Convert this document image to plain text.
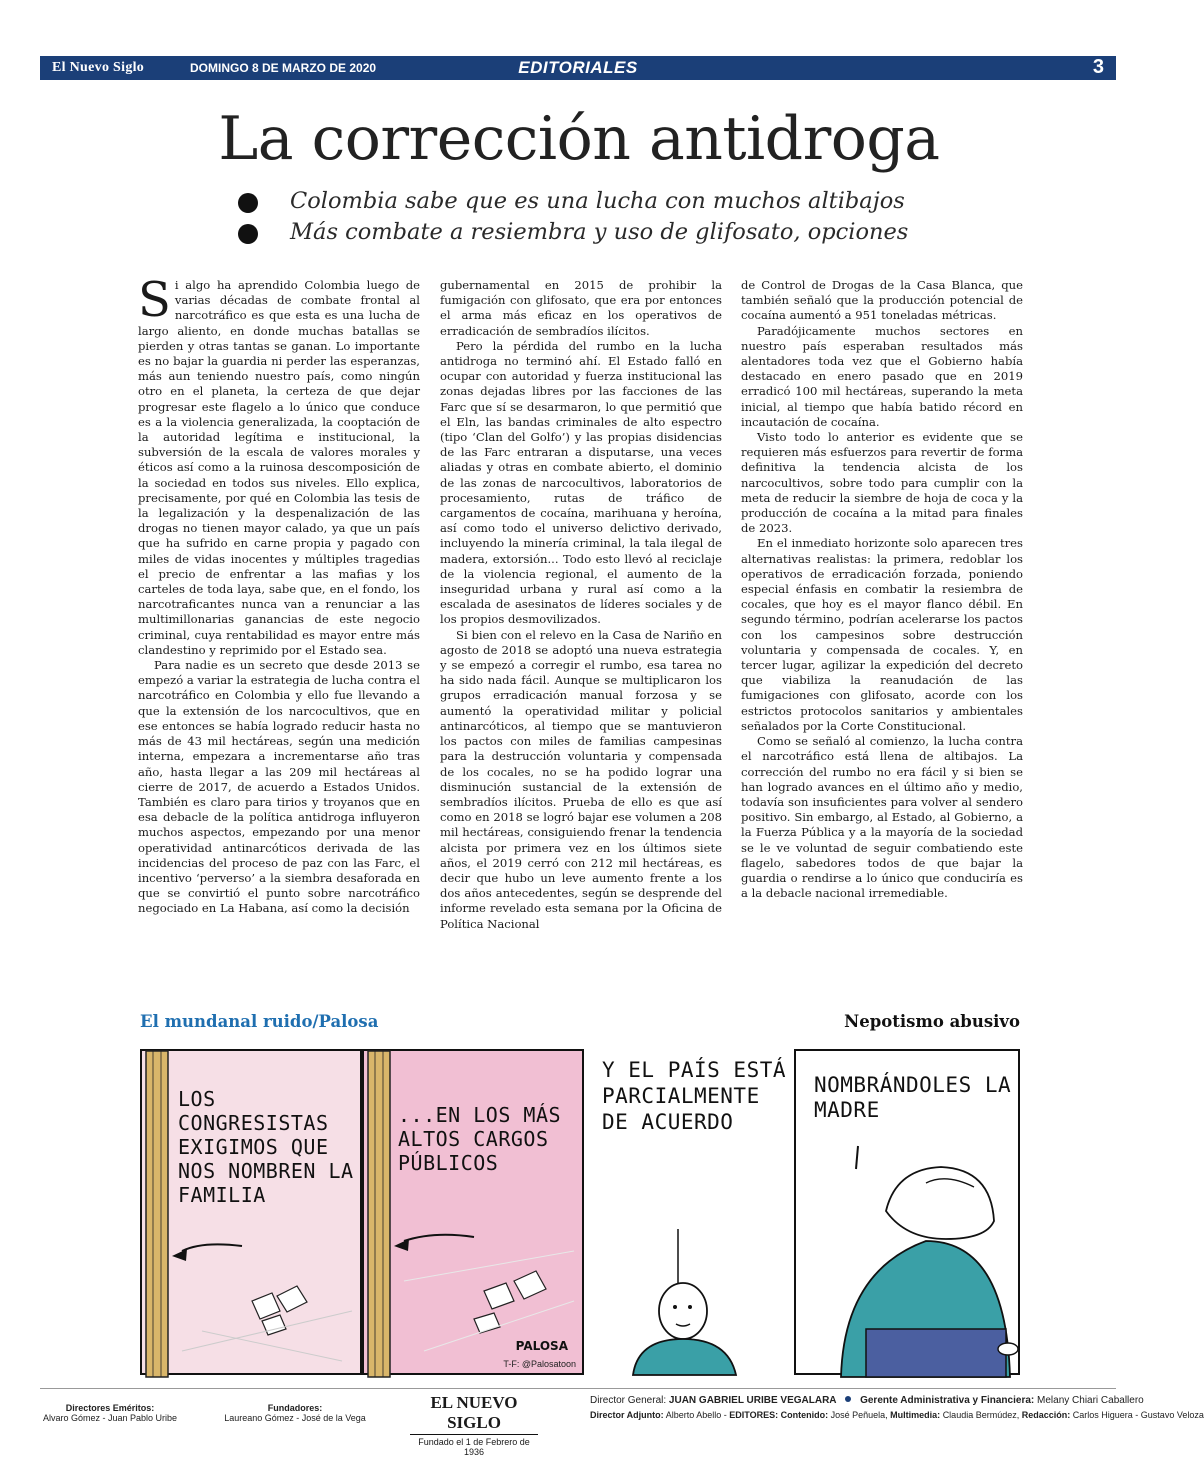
El Nuevo Siglo	DOMINGO 8 DE MARZO DE 2020	EDITORIALES	3
La corrección antidroga
Colombia sabe que es una lucha con muchos altibajos
Más combate a resiembra y uso de glifosato, opciones

Si algo ha aprendido Colombia luego de varias décadas de combate frontal al narcotráfico es que esta es una lucha de largo aliento, en donde muchas batallas se pierden y otras tantas se ganan. Lo importante es no bajar la guardia ni perder las esperanzas, más aun teniendo nuestro país, como ningún otro en el planeta, la certeza de que dejar progresar este flagelo a lo único que conduce es a la violencia generalizada, la cooptación de la autoridad legítima e institucional, la subversión de la escala de valores morales y éticos así como a la ruinosa descomposición de la sociedad en todos sus niveles. Ello explica, precisamente, por qué en Colombia las tesis de la legalización y la despenalización de las drogas no tienen mayor calado, ya que un país que ha sufrido en carne propia y pagado con miles de vidas inocentes y múltiples tragedias el precio de enfrentar a las mafias y los carteles de toda laya, sabe que, en el fondo, los narcotraficantes nunca van a renunciar a las multimillonarias ganancias de este negocio criminal, cuya rentabilidad es mayor entre más clandestino y reprimido por el Estado sea.

Para nadie es un secreto que desde 2013 se empezó a variar la estrategia de lucha contra el narcotráfico en Colombia y ello fue llevando a que la extensión de los narcocultivos, que en ese entonces se había logrado reducir hasta no más de 43 mil hectáreas, según una medición interna, empezara a incrementarse año tras año, hasta llegar a las 209 mil hectáreas al cierre de 2017, de acuerdo a Estados Unidos. También es claro para tirios y troyanos que en esa debacle de la política antidroga influyeron muchos aspectos, empezando por una menor operatividad antinarcóticos derivada de las incidencias del proceso de paz con las Farc, el incentivo ‘perverso’ a la siembra desaforada en que se convirtió el punto sobre narcotráfico negociado en La Habana, así como la decisión

gubernamental en 2015 de prohibir la fumigación con glifosato, que era por entonces el arma más eficaz en los operativos de erradicación de sembradíos ilícitos.

Pero la pérdida del rumbo en la lucha antidroga no terminó ahí. El Estado falló en ocupar con autoridad y fuerza institucional las zonas dejadas libres por las facciones de las Farc que sí se desarmaron, lo que permitió que el Eln, las bandas criminales de alto espectro (tipo ‘Clan del Golfo’) y las propias disidencias de las Farc entraran a disputarse, una veces aliadas y otras en combate abierto, el dominio de las zonas de narcocultivos, laboratorios de procesamiento, rutas de tráfico de cargamentos de cocaína, marihuana y heroína, así como todo el universo delictivo derivado, incluyendo la minería criminal, la tala ilegal de madera, extorsión... Todo esto llevó al reciclaje de la violencia regional, el aumento de la inseguridad urbana y rural así como a la escalada de asesinatos de líderes sociales y de los propios desmovilizados.

Si bien con el relevo en la Casa de Nariño en agosto de 2018 se adoptó una nueva estrategia y se empezó a corregir el rumbo, esa tarea no ha sido nada fácil. Aunque se multiplicaron los grupos erradicación manual forzosa y se aumentó la operatividad militar y policial antinarcóticos, al tiempo que se mantuvieron los pactos con miles de familias campesinas para la destrucción voluntaria y compensada de los cocales, no se ha podido lograr una disminución sustancial de la extensión de sembradíos ilícitos. Prueba de ello es que así como en 2018 se logró bajar ese volumen a 208 mil hectáreas, consiguiendo frenar la tendencia alcista por primera vez en los últimos siete años, el 2019 cerró con 212 mil hectáreas, es decir que hubo un leve aumento frente a los dos años antecedentes, según se desprende del informe revelado esta semana por la Oficina de Política Nacional

de Control de Drogas de la Casa Blanca, que también señaló que la producción potencial de cocaína aumentó a 951 toneladas métricas.

Paradójicamente muchos sectores en nuestro país esperaban resultados más alentadores toda vez que el Gobierno había destacado en enero pasado que en 2019 erradicó 100 mil hectáreas, superando la meta inicial, al tiempo que había batido récord en incautación de cocaína.

Visto todo lo anterior es evidente que se requieren más esfuerzos para revertir de forma definitiva la tendencia alcista de los narcocultivos, sobre todo para cumplir con la meta de reducir la siembre de hoja de coca y la producción de cocaína a la mitad para finales de 2023.

En el inmediato horizonte solo aparecen tres alternativas realistas: la primera, redoblar los operativos de erradicación forzada, poniendo especial énfasis en combatir la resiembra de cocales, que hoy es el mayor flanco débil. En segundo término, podrían acelerarse los pactos con los campesinos sobre destrucción voluntaria y compensada de cocales. Y, en tercer lugar, agilizar la expedición del decreto que viabiliza la reanudación de las fumigaciones con glifosato, acorde con los estrictos protocolos sanitarios y ambientales señalados por la Corte Constitucional.

Como se señaló al comienzo, la lucha contra el narcotráfico está llena de altibajos. La corrección del rumbo no era fácil y si bien se han logrado avances en el último año y medio, todavía son insuficientes para volver al sendero positivo. Sin embargo, al Estado, al Gobierno, a la Fuerza Pública y a la mayoría de la sociedad se le ve voluntad de seguir combatiendo este flagelo, sabedores todos de que bajar la guardia o rendirse a lo único que conduciría es a la debacle nacional irremediable.

El mundanal ruido/Palosa	Nepotismo abusivo
LOS CONGRESISTAS EXIGIMOS QUE NOS NOMBREN LA FAMILIA
...EN LOS MÁS ALTOS CARGOS PÚBLICOS
PALOSA
T-F: @Palosatoon
Y EL PAÍS ESTÁ PARCIALMENTE DE ACUERDO
NOMBRÁNDOLES LA MADRE
Directores Eméritos:
Alvaro Gómez - Juan Pablo Uribe
Fundadores:
Laureano Gómez - José de la Vega
EL NUEVO SIGLO
Fundado el 1 de Febrero de 1936
Director General: JUAN GABRIEL URIBE VEGALARA Gerente Administrativa y Financiera: Melany Chiari Caballero
Director Adjunto: Alberto Abello - EDITORES: Contenido: José Peñuela, Multimedia: Claudia Bermúdez, Redacción: Carlos Higuera - Gustavo Veloza
